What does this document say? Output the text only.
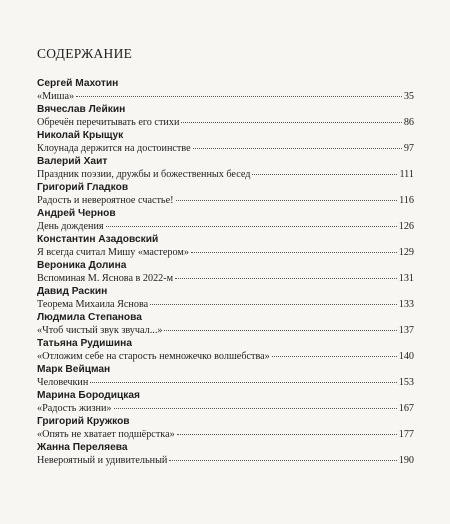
СОДЕРЖАНИЕ
Сергей Махотин
«Миша»	35
Вячеслав Лейкин
Обречён перечитывать его стихи	86
Николай Крыщук
Клоунада держится на достоинстве	97
Валерий Хаит
Праздник поэзии, дружбы и божественных бесед	111
Григорий Гладков
Радость и невероятное счастье!	116
Андрей Чернов
День дождения	126
Константин Азадовский
Я всегда считал Мишу «мастером»	129
Вероника Долина
Вспоминая М. Яснова в 2022-м	131
Давид Раскин
Теорема Михаила Яснова	133
Людмила Степанова
«Чтоб чистый звук звучал...»	137
Татьяна Рудишина
«Отложим себе на старость немножечко волшебства»	140
Марк Вейцман
Человечкин	153
Марина Бородицкая
«Радость жизни»	167
Григорий Кружков
«Опять не хватает подшёрстка»	177
Жанна Переляева
Невероятный и удивительный	190
